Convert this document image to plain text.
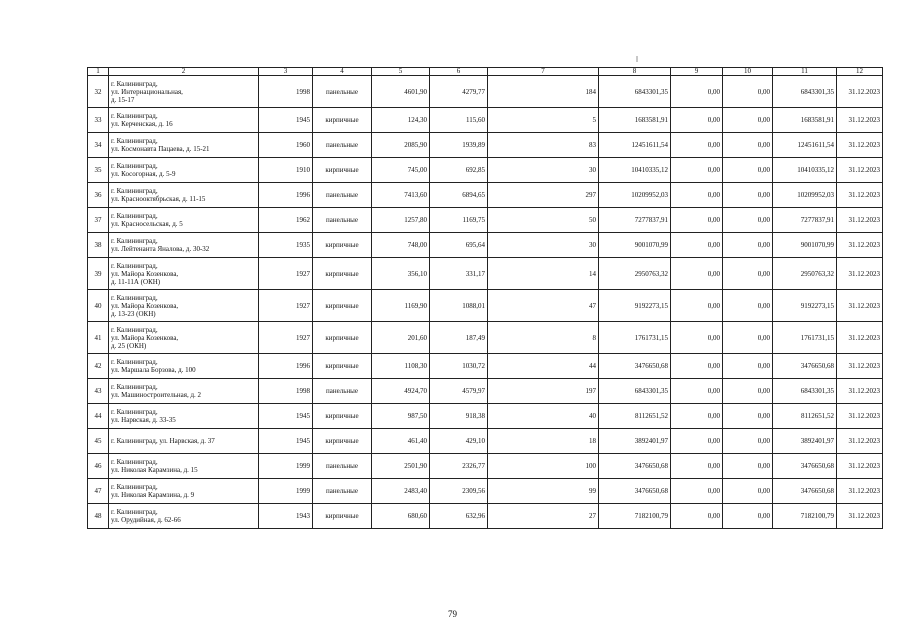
1	2	3	4	5	6	7	8	9	10	11	12
32	г. Калининград,
ул. Интернациональная,
д. 15-17	1998	панельные	4601,90	4279,77	184	6843301,35	0,00	0,00	6843301,35	31.12.2023
33	г. Калининград,
ул. Керченская, д. 16	1945	кирпичные	124,30	115,60	5	1683581,91	0,00	0,00	1683581,91	31.12.2023
34	г. Калининград,
ул. Космонавта Пацаева, д. 15-21	1960	панельные	2085,90	1939,89	83	12451611,54	0,00	0,00	12451611,54	31.12.2023
35	г. Калининград,
ул. Косогорная, д. 5-9	1910	кирпичные	745,00	692,85	30	10410335,12	0,00	0,00	10410335,12	31.12.2023
36	г. Калининград,
ул. Краснооктябрьская, д. 11-15	1996	панельные	7413,60	6894,65	297	10209952,03	0,00	0,00	10209952,03	31.12.2023
37	г. Калининград,
ул. Красносельская, д. 5	1962	панельные	1257,80	1169,75	50	7277837,91	0,00	0,00	7277837,91	31.12.2023
38	г. Калининград,
ул. Лейтенанта Яналова, д. 30-32	1935	кирпичные	748,00	695,64	30	9001070,99	0,00	0,00	9001070,99	31.12.2023
39	г. Калининград,
ул. Майора Козенкова,
д. 11-11А (ОКН)	1927	кирпичные	356,10	331,17	14	2950763,32	0,00	0,00	2950763,32	31.12.2023
40	г. Калининград,
ул. Майора Козенкова,
д. 13-23 (ОКН)	1927	кирпичные	1169,90	1088,01	47	9192273,15	0,00	0,00	9192273,15	31.12.2023
41	г. Калининград,
ул. Майора Козенкова,
д. 25 (ОКН)	1927	кирпичные	201,60	187,49	8	1761731,15	0,00	0,00	1761731,15	31.12.2023
42	г. Калининград,
ул. Маршала Борзова, д. 100	1996	кирпичные	1108,30	1030,72	44	3476650,68	0,00	0,00	3476650,68	31.12.2023
43	г. Калининград,
ул. Машиностроительная, д. 2	1998	панельные	4924,70	4579,97	197	6843301,35	0,00	0,00	6843301,35	31.12.2023
44	г. Калининград,
ул. Нарвская, д. 33-35	1945	кирпичные	987,50	918,38	40	8112651,52	0,00	0,00	8112651,52	31.12.2023
45	г. Калининград, ул. Нарвская, д. 37	1945	кирпичные	461,40	429,10	18	3892401,97	0,00	0,00	3892401,97	31.12.2023
46	г. Калининград,
ул. Николая Карамзина, д. 15	1999	панельные	2501,90	2326,77	100	3476650,68	0,00	0,00	3476650,68	31.12.2023
47	г. Калининград,
ул. Николая Карамзина, д. 9	1999	панельные	2483,40	2309,56	99	3476650,68	0,00	0,00	3476650,68	31.12.2023
48	г. Калининград,
ул. Орудийная, д. 62-66	1943	кирпичные	680,60	632,96	27	7182100,79	0,00	0,00	7182100,79	31.12.2023
79
